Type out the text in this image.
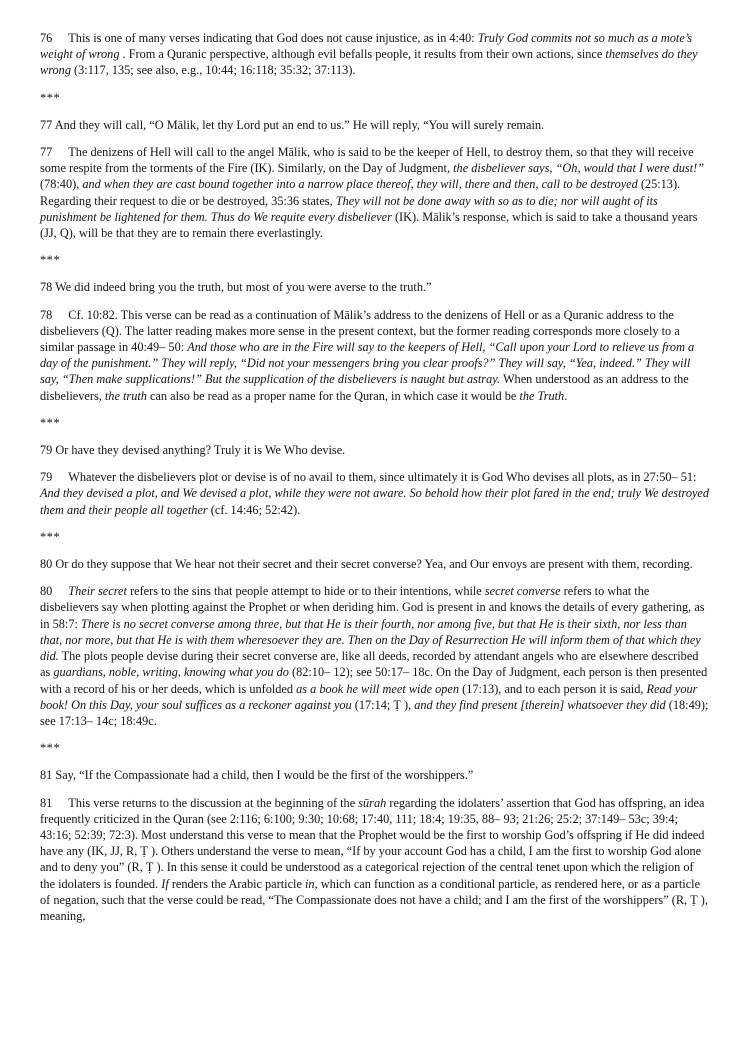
76 This is one of many verses indicating that God does not cause injustice, as in 4:40: Truly God commits not so much as a mote’s weight of wrong . From a Quranic perspective, although evil befalls people, it results from their own actions, since themselves do they wrong (3:117, 135; see also, e.g., 10:44; 16:118; 35:32; 37:113).

***

77 And they will call, “O Mālik, let thy Lord put an end to us.” He will reply, “You will surely remain.

77 The denizens of Hell will call to the angel Mālik, who is said to be the keeper of Hell, to destroy them, so that they will receive some respite from the torments of the Fire (IK). Similarly, on the Day of Judgment, the disbeliever says, “Oh, would that I were dust!” (78:40), and when they are cast bound together into a narrow place thereof, they will, there and then, call to be destroyed (25:13). Regarding their request to die or be destroyed, 35:36 states, They will not be done away with so as to die; nor will aught of its punishment be lightened for them. Thus do We requite every disbeliever (IK). Mālik’s response, which is said to take a thousand years (JJ, Q), will be that they are to remain there everlastingly.

***

78 We did indeed bring you the truth, but most of you were averse to the truth.”

78 Cf. 10:82. This verse can be read as a continuation of Mālik’s address to the denizens of Hell or as a Quranic address to the disbelievers (Q). The latter reading makes more sense in the present context, but the former reading corresponds more closely to a similar passage in 40:49– 50: And those who are in the Fire will say to the keepers of Hell, “Call upon your Lord to relieve us from a day of the punishment.” They will reply, “Did not your messengers bring you clear proofs?” They will say, “Yea, indeed.” They will say, “Then make supplications!” But the supplication of the disbelievers is naught but astray. When understood as an address to the disbelievers, the truth can also be read as a proper name for the Quran, in which case it would be the Truth.

***

79 Or have they devised anything? Truly it is We Who devise.

79 Whatever the disbelievers plot or devise is of no avail to them, since ultimately it is God Who devises all plots, as in 27:50– 51: And they devised a plot, and We devised a plot, while they were not aware. So behold how their plot fared in the end; truly We destroyed them and their people all together (cf. 14:46; 52:42).

***

80 Or do they suppose that We hear not their secret and their secret converse? Yea, and Our envoys are present with them, recording.

80 Their secret refers to the sins that people attempt to hide or to their intentions, while secret converse refers to what the disbelievers say when plotting against the Prophet or when deriding him. God is present in and knows the details of every gathering, as in 58:7: There is no secret converse among three, but that He is their fourth, nor among five, but that He is their sixth, nor less than that, nor more, but that He is with them wheresoever they are. Then on the Day of Resurrection He will inform them of that which they did. The plots people devise during their secret converse are, like all deeds, recorded by attendant angels who are elsewhere described as guardians, noble, writing, knowing what you do (82:10– 12); see 50:17– 18c. On the Day of Judgment, each person is then presented with a record of his or her deeds, which is unfolded as a book he will meet wide open (17:13), and to each person it is said, Read your book! On this Day, your soul suffices as a reckoner against you (17:14; Ṭ ), and they find present [therein] whatsoever they did (18:49); see 17:13– 14c; 18:49c.

***

81 Say, “If the Compassionate had a child, then I would be the first of the worshippers.”

81 This verse returns to the discussion at the beginning of the sūrah regarding the idolaters’ assertion that God has offspring, an idea frequently criticized in the Quran (see 2:116; 6:100; 9:30; 10:68; 17:40, 111; 18:4; 19:35, 88– 93; 21:26; 25:2; 37:149– 53c; 39:4; 43:16; 52:39; 72:3). Most understand this verse to mean that the Prophet would be the first to worship God’s offspring if He did indeed have any (IK, JJ, R, Ṭ ). Others understand the verse to mean, “If by your account God has a child, I am the first to worship God alone and to deny you” (R, Ṭ ). In this sense it could be understood as a categorical rejection of the central tenet upon which the religion of the idolaters is founded. If renders the Arabic particle in, which can function as a conditional particle, as rendered here, or as a particle of negation, such that the verse could be read, “The Compassionate does not have a child; and I am the first of the worshippers” (R, Ṭ ), meaning,
